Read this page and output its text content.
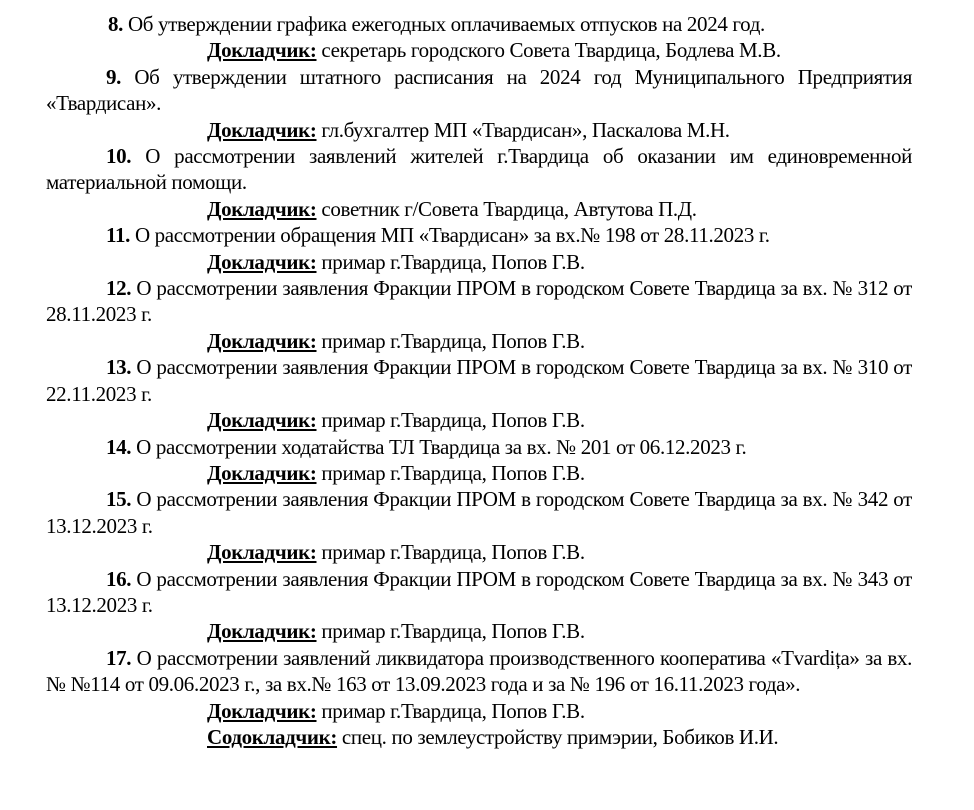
8. Об утверждении графика ежегодных оплачиваемых отпусков на 2024 год.

Докладчик: секретарь городского Совета Твардица, Бодлева М.В.

9. Об утверждении штатного расписания на 2024 год Муниципального Предприятия «Твардисан».

Докладчик: гл.бухгалтер МП «Твардисан», Паскалова М.Н.

10. О рассмотрении заявлений жителей г.Твардица об оказании им единовременной материальной помощи.

Докладчик: советник г/Совета Твардица, Автутова П.Д.

11. О рассмотрении обращения МП «Твардисан» за вх.№ 198 от 28.11.2023 г.

Докладчик: примар г.Твардица, Попов Г.В.

12. О рассмотрении заявления Фракции ПРОМ в городском Совете Твардица за вх. № 312 от 28.11.2023 г.

Докладчик: примар г.Твардица, Попов Г.В.

13. О рассмотрении заявления Фракции ПРОМ в городском Совете Твардица за вх. № 310 от 22.11.2023 г.

Докладчик: примар г.Твардица, Попов Г.В.

14. О рассмотрении ходатайства ТЛ Твардица за вх. № 201 от 06.12.2023 г.

Докладчик: примар г.Твардица, Попов Г.В.

15. О рассмотрении заявления Фракции ПРОМ в городском Совете Твардица за вх. № 342 от 13.12.2023 г.

Докладчик: примар г.Твардица, Попов Г.В.

16. О рассмотрении заявления Фракции ПРОМ в городском Совете Твардица за вх. № 343 от 13.12.2023 г.

Докладчик: примар г.Твардица, Попов Г.В.

17. О рассмотрении заявлений ликвидатора производственного кооператива «Tvardița» за вх. № №114 от 09.06.2023 г., за вх.№ 163 от 13.09.2023 года и за № 196 от 16.11.2023 года».

Докладчик: примар г.Твардица, Попов Г.В.

Содокладчик: спец. по землеустройству примэрии, Бобиков И.И.
